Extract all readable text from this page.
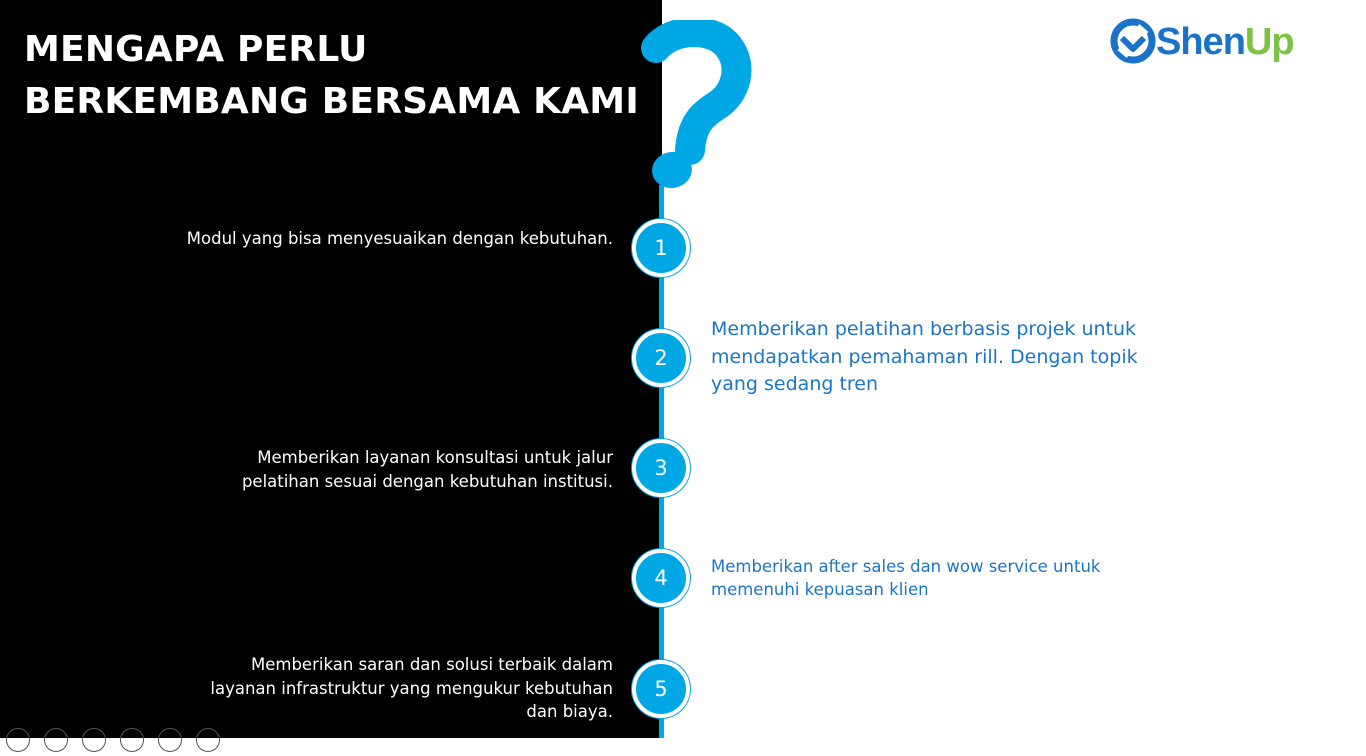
MENGAPA PERLU
BERKEMBANG BERSAMA KAMI
ShenUp
1
Modul yang bisa menyesuaikan dengan kebutuhan.
2
Memberikan pelatihan berbasis projek untuk
mendapatkan pemahaman rill. Dengan topik
yang sedang tren
3
Memberikan layanan konsultasi untuk jalur
pelatihan sesuai dengan kebutuhan institusi.
4	Memberikan after sales dan wow service untuk
memenuhi kepuasan klien
5
Memberikan saran dan solusi terbaik dalam
layanan infrastruktur yang mengukur kebutuhan
dan biaya.
